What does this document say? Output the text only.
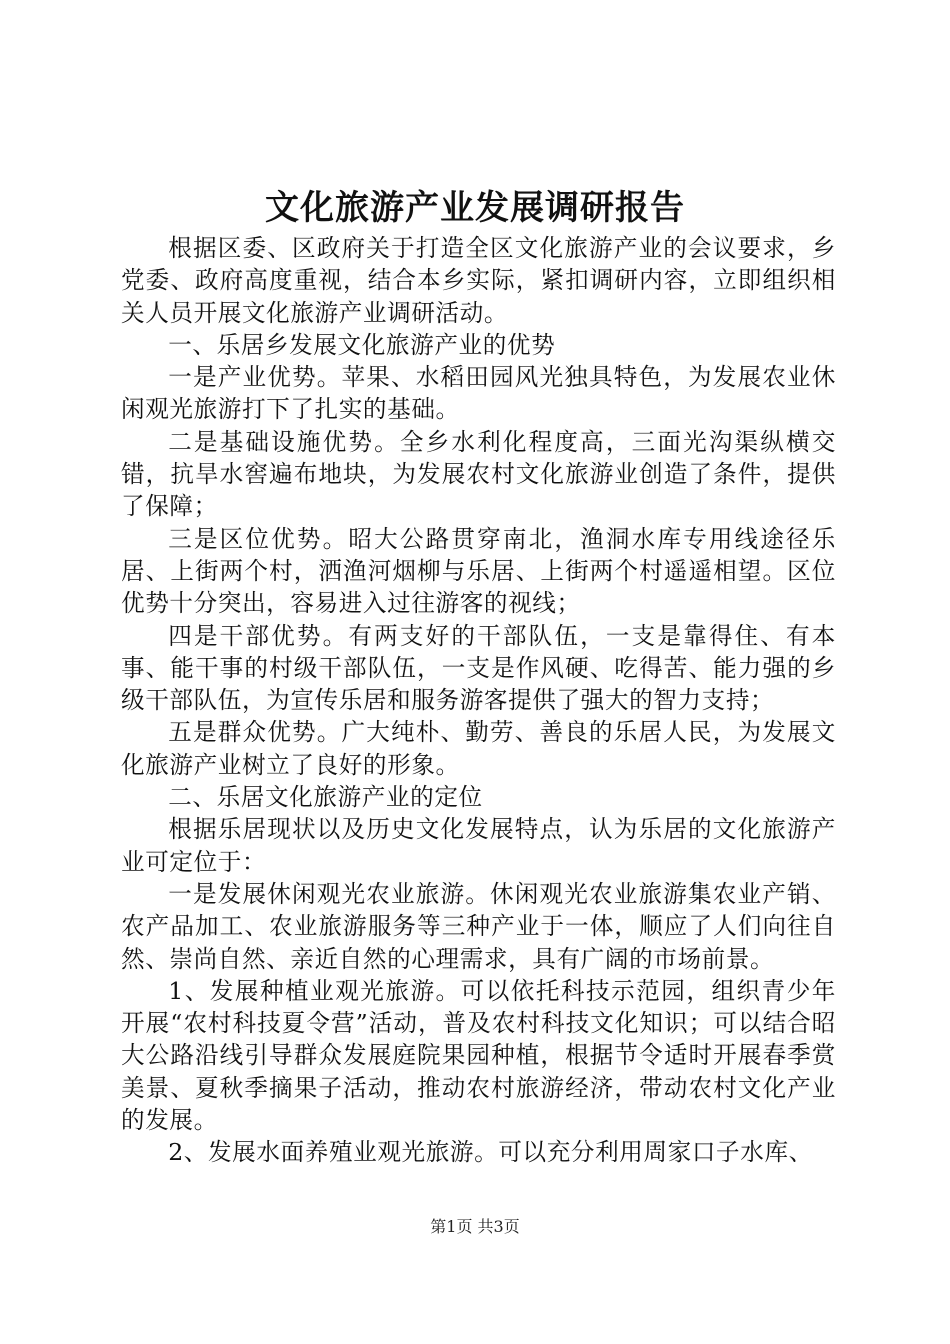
文化旅游产业发展调研报告

根据区委、区政府关于打造全区文化旅游产业的会议要求，乡党委、政府高度重视，结合本乡实际，紧扣调研内容，立即组织相关人员开展文化旅游产业调研活动。

一、乐居乡发展文化旅游产业的优势

一是产业优势。苹果、水稻田园风光独具特色，为发展农业休闲观光旅游打下了扎实的基础。

二是基础设施优势。全乡水利化程度高，三面光沟渠纵横交错，抗旱水窖遍布地块，为发展农村文化旅游业创造了条件，提供了保障；

三是区位优势。昭大公路贯穿南北，渔洞水库专用线途径乐居、上街两个村，洒渔河烟柳与乐居、上街两个村遥遥相望。区位优势十分突出，容易进入过往游客的视线；

四是干部优势。有两支好的干部队伍，一支是靠得住、有本事、能干事的村级干部队伍，一支是作风硬、吃得苦、能力强的乡级干部队伍，为宣传乐居和服务游客提供了强大的智力支持；

五是群众优势。广大纯朴、勤劳、善良的乐居人民，为发展文化旅游产业树立了良好的形象。

二、乐居文化旅游产业的定位

根据乐居现状以及历史文化发展特点，认为乐居的文化旅游产业可定位于：

一是发展休闲观光农业旅游。休闲观光农业旅游集农业产销、农产品加工、农业旅游服务等三种产业于一体，顺应了人们向往自然、崇尚自然、亲近自然的心理需求，具有广阔的市场前景。

1、发展种植业观光旅游。可以依托科技示范园，组织青少年开展“农村科技夏令营”活动，普及农村科技文化知识；可以结合昭大公路沿线引导群众发展庭院果园种植，根据节令适时开展春季赏美景、夏秋季摘果子活动，推动农村旅游经济，带动农村文化产业的发展。

2、发展水面养殖业观光旅游。可以充分利用周家口子水库、

第1页 共3页
